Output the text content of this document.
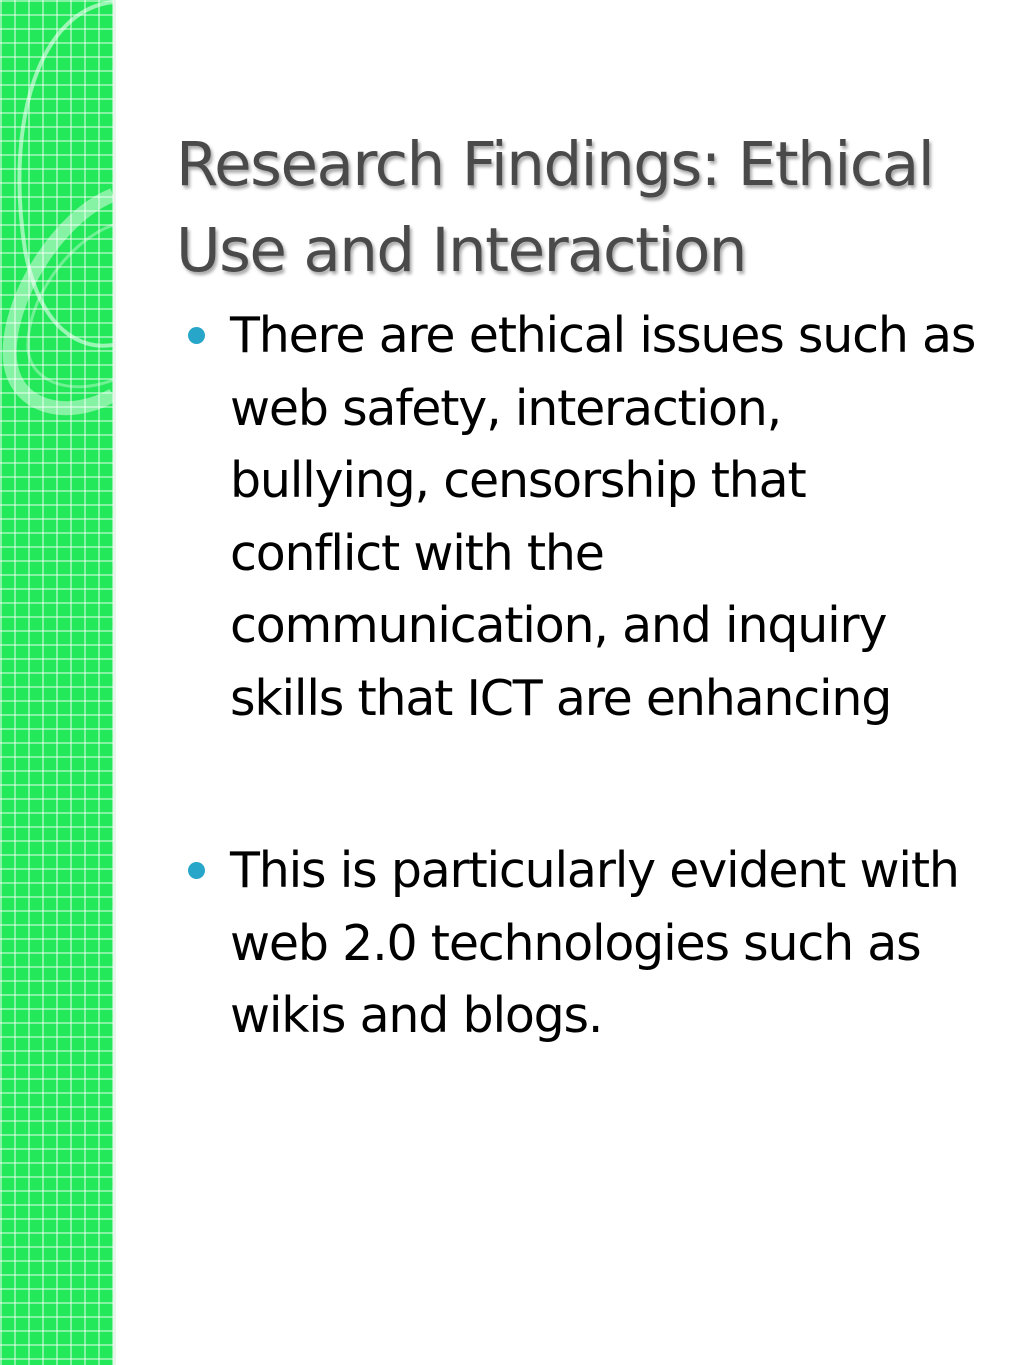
Research Findings: Ethical Use and Interaction
There are ethical issues such as web safety, interaction, bullying, censorship that conflict with the communication, and inquiry skills that ICT are enhancing
This is particularly evident with web 2.0 technologies such as wikis and blogs.
